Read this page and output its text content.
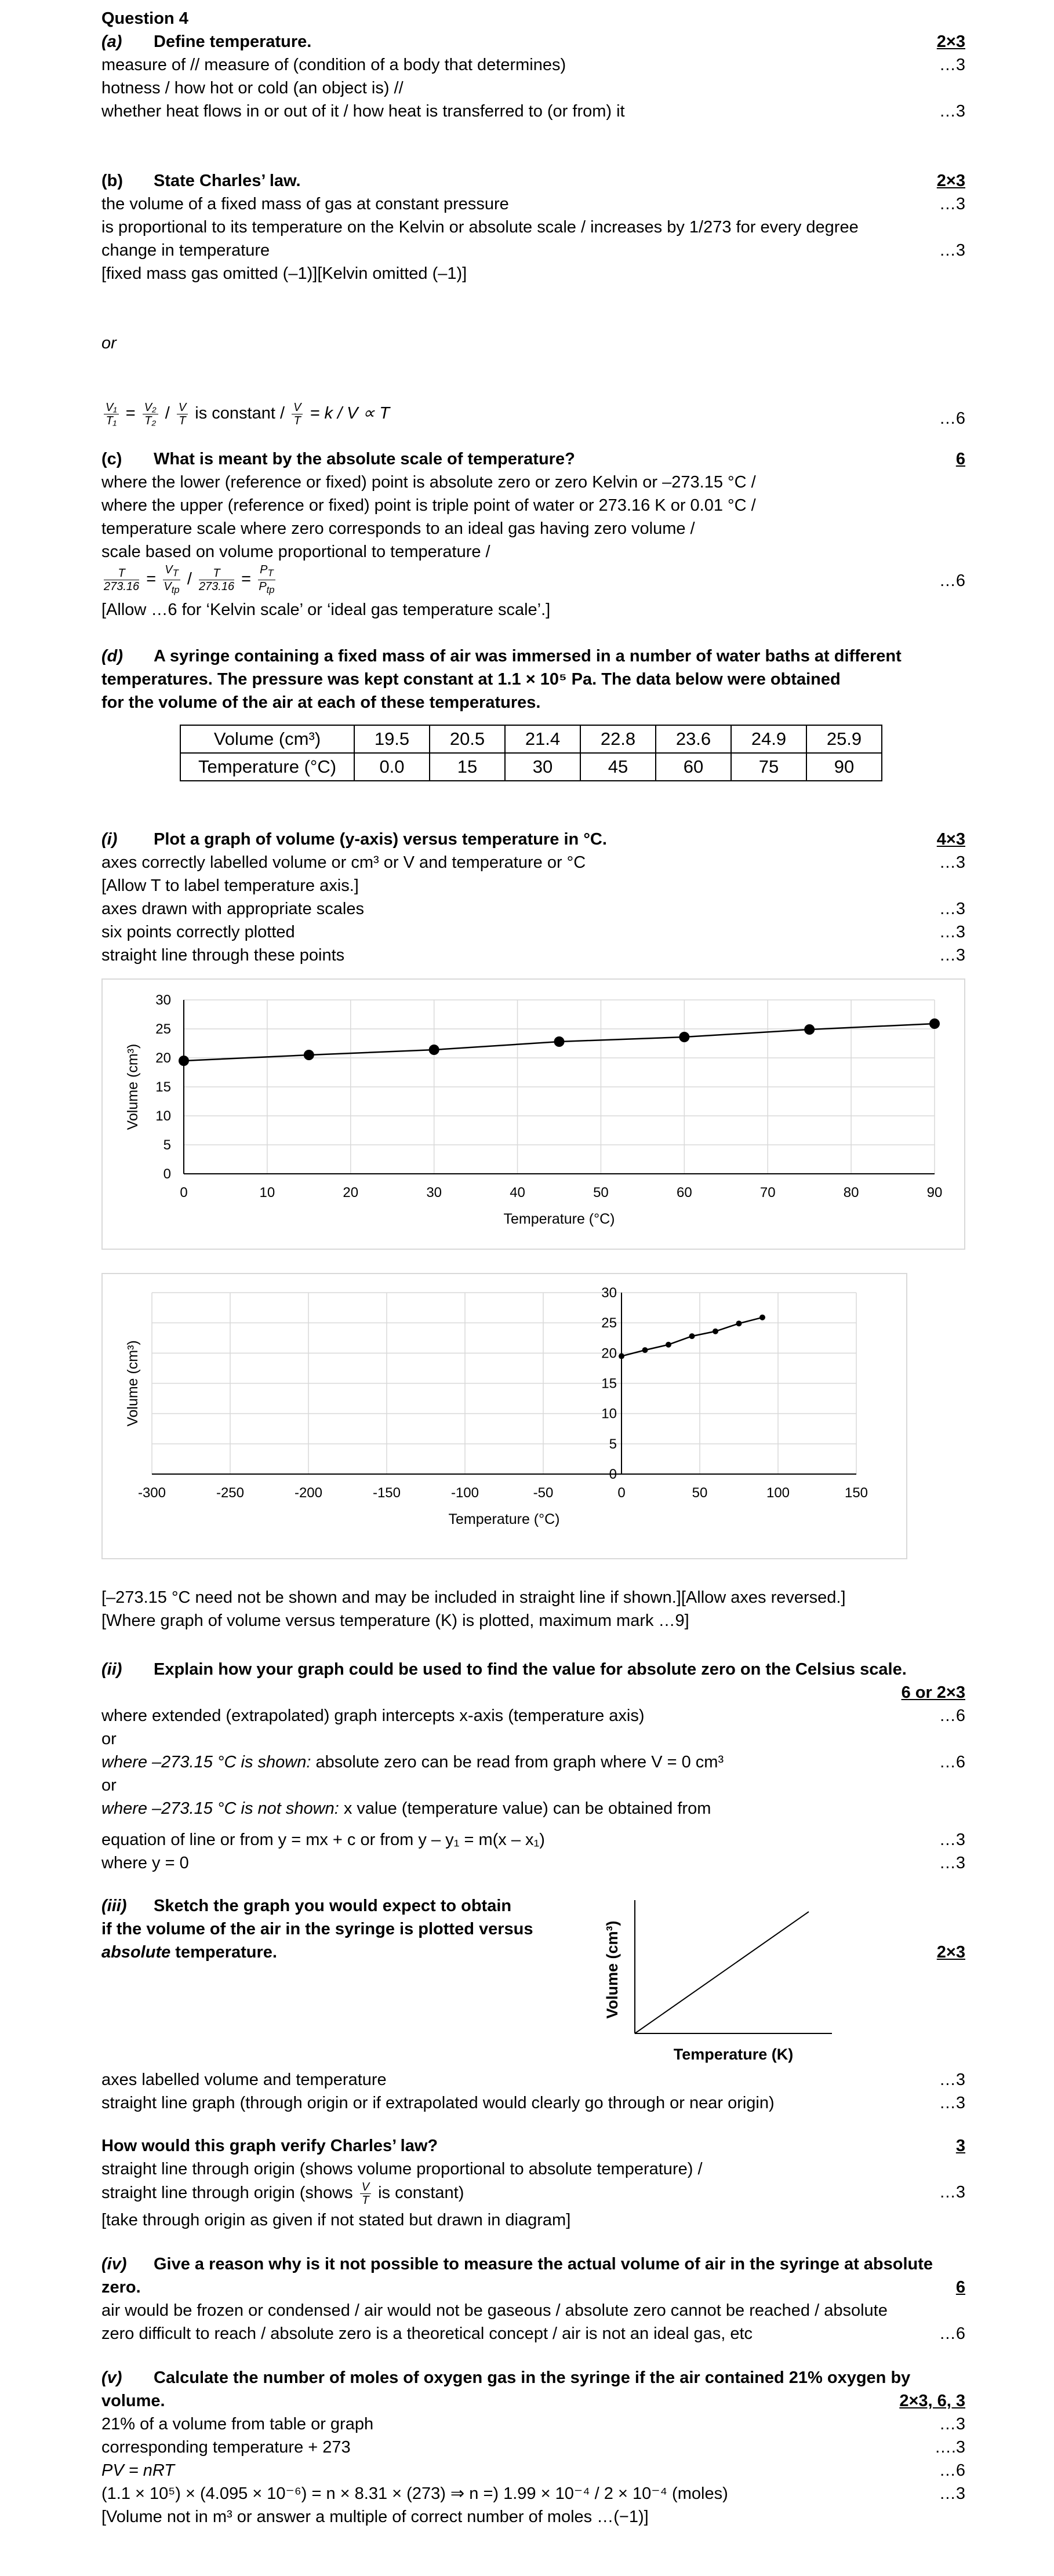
Question 4
(a) Define temperature.	2×3
measure of // measure of (condition of a body that determines)	…3
hotness / how hot or cold (an object is) //
whether heat flows in or out of it / how heat is transferred to (or from) it	…3
(b) State Charles’ law.	2×3
the volume of a fixed mass of gas at constant pressure	…3
is proportional to its temperature on the Kelvin or absolute scale / increases by 1/273 for every degree
change in temperature	…3
[fixed mass gas omitted (–1)][Kelvin omitted (–1)]
or
$\frac{\text{V₁}}{\text{T₁}} = \frac{\text{V₂}}{\text{T₂}} / \frac{V}{T}$ is constant / $\frac{V}{T} = k / V \propto T$	…6
(c) What is meant by the absolute scale of temperature?	6
where the lower (reference or fixed) point is absolute zero or zero Kelvin or –273.15 °C /
where the upper (reference or fixed) point is triple point of water or 273.16 K or 0.01 °C /
temperature scale where zero corresponds to an ideal gas having zero volume /
scale based on volume proportional to temperature /
$\frac{T}{273.16} = \frac{V_T}{V_{tp}} / \frac{T}{273.16} = \frac{P_T}{P_{tp}}$	…6
[Allow …6 for ‘Kelvin scale’ or ‘ideal gas temperature scale’.]
(d) A syringe containing a fixed mass of air was immersed in a number of water baths at different
temperatures. The pressure was kept constant at 1.1 × 10⁵ Pa. The data below were obtained
for the volume of the air at each of these temperatures.
Volume (cm³)	19.5	20.5	21.4	22.8	23.6	24.9	25.9
Temperature (°C)	0.0	15	30	45	60	75	90
(i) Plot a graph of volume (y-axis) versus temperature in °C.	4×3
axes correctly labelled volume or cm³ or V and temperature or °C	…3
[Allow T to label temperature axis.]
axes drawn with appropriate scales	…3
six points correctly plotted	…3
straight line through these points	…3
0
5
10
15
20
25
30
0	10	20	30	40	50	60	70	80	90
Volume (cm³)
Temperature (°C)
0
5
10
15
20
25
30
-300	-250	-200	-150	-100	-50	0	50	100	150
Volume (cm³)
Temperature (°C)
[–273.15 °C need not be shown and may be included in straight line if shown.][Allow axes reversed.]
[Where graph of volume versus temperature (K) is plotted, maximum mark …9]
(ii) Explain how your graph could be used to find the value for absolute zero on the Celsius scale.
6 or 2×3
where extended (extrapolated) graph intercepts x-axis (temperature axis)	…6
or
where –273.15 °C is shown: absolute zero can be read from graph where V = 0 cm³	…6
or
where –273.15 °C is not shown: x value (temperature value) can be obtained from
equation of line or from y = mx + c or from y – y₁ = m(x – x₁)	…3
where y = 0	…3
(iii) Sketch the graph you would expect to obtain
if the volume of the air in the syringe is plotted versus
absolute temperature.	2×3
Volume (cm³)
Temperature (K)
axes labelled volume and temperature	…3
straight line graph (through origin or if extrapolated would clearly go through or near origin)	…3
How would this graph verify Charles’ law?	3
straight line through origin (shows volume proportional to absolute temperature) /
straight line through origin (shows $\frac{V}{T}$ is constant)	…3
[take through origin as given if not stated but drawn in diagram]
(iv) Give a reason why is it not possible to measure the actual volume of air in the syringe at absolute
zero.	6
air would be frozen or condensed / air would not be gaseous / absolute zero cannot be reached / absolute
zero difficult to reach / absolute zero is a theoretical concept / air is not an ideal gas, etc	…6
(v) Calculate the number of moles of oxygen gas in the syringe if the air contained 21% oxygen by
volume.	2×3, 6, 3
21% of a volume from table or graph	…3
corresponding temperature + 273	….3
PV = nRT	…6
(1.1 × 10⁵) × (4.095 × 10⁻⁶) = n × 8.31 × (273) ⇒ n =) 1.99 × 10⁻⁴ / 2 × 10⁻⁴ (moles)	…3
[Volume not in m³ or answer a multiple of correct number of moles …(−1)]
